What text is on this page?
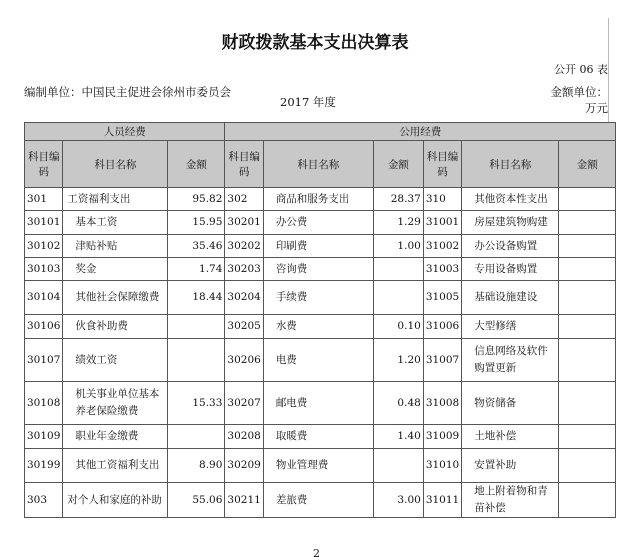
财政拨款基本支出决算表
公开 06 表
编制单位：中国民主促进会徐州市委员会
2017 年度
金额单位：
万元
人员经费			公用经费					
科目编码	科目名称	金额	科目编码	科目名称	金额	科目编码	科目名称	金额
301	工资福利支出	95.82	302	商品和服务支出	28.37	310	其他资本性支出	
30101	基本工资	15.95	30201	办公费	1.29	31001	房屋建筑物购建	
30102	津贴补贴	35.46	30202	印刷费	1.00	31002	办公设备购置	
30103	奖金	1.74	30203	咨询费		31003	专用设备购置	
30104	其他社会保障缴费	18.44	30204	手续费		31005	基础设施建设	
30106	伙食补助费		30205	水费	0.10	31006	大型修缮	
30107	绩效工资		30206	电费	1.20	31007	信息网络及软件购置更新	
30108	机关事业单位基本养老保险缴费	15.33	30207	邮电费	0.48	31008	物资储备	
30109	职业年金缴费		30208	取暖费	1.40	31009	土地补偿	
30199	其他工资福利支出	8.90	30209	物业管理费		31010	安置补助	
303	对个人和家庭的补助	55.06	30211	差旅费	3.00	31011	地上附着物和青苗补偿	
2
